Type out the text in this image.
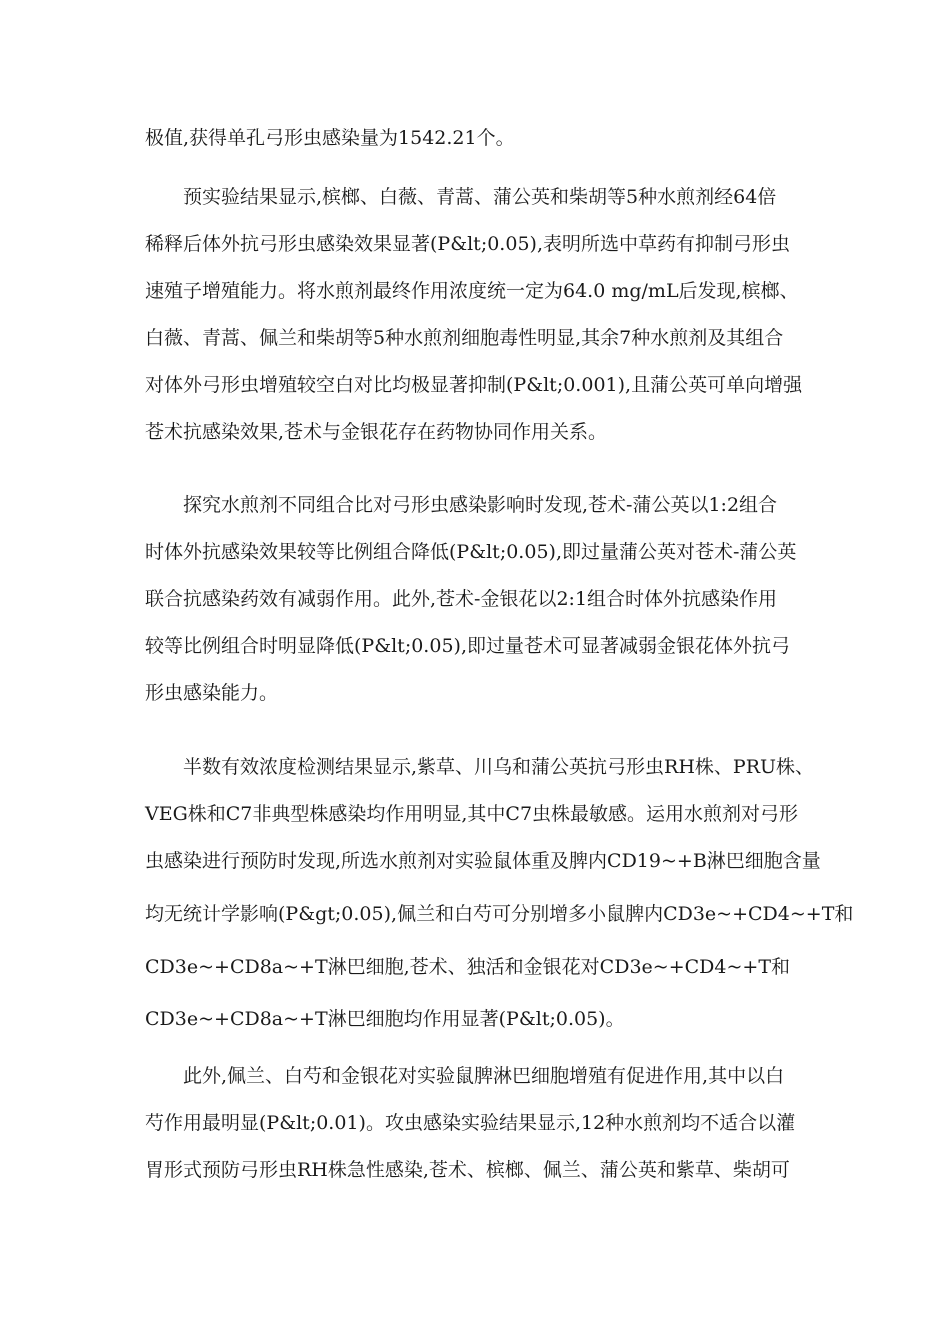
极值,获得单孔弓形虫感染量为1542.21个。
预实验结果显示,槟榔、白薇、青蒿、蒲公英和柴胡等5种水煎剂经64倍
稀释后体外抗弓形虫感染效果显著(P&lt;0.05),表明所选中草药有抑制弓形虫
速殖子增殖能力。将水煎剂最终作用浓度统一定为64.0 mg/mL后发现,槟榔、
白薇、青蒿、佩兰和柴胡等5种水煎剂细胞毒性明显,其余7种水煎剂及其组合
对体外弓形虫增殖较空白对比均极显著抑制(P&lt;0.001),且蒲公英可单向增强
苍术抗感染效果,苍术与金银花存在药物协同作用关系。
探究水煎剂不同组合比对弓形虫感染影响时发现,苍术-蒲公英以1:2组合
时体外抗感染效果较等比例组合降低(P&lt;0.05),即过量蒲公英对苍术-蒲公英
联合抗感染药效有减弱作用。此外,苍术-金银花以2:1组合时体外抗感染作用
较等比例组合时明显降低(P&lt;0.05),即过量苍术可显著减弱金银花体外抗弓
形虫感染能力。
半数有效浓度检测结果显示,紫草、川乌和蒲公英抗弓形虫RH株、PRU株、
VEG株和C7非典型株感染均作用明显,其中C7虫株最敏感。运用水煎剂对弓形
虫感染进行预防时发现,所选水煎剂对实验鼠体重及脾内CD19~+B淋巴细胞含量
均无统计学影响(P&gt;0.05),佩兰和白芍可分别增多小鼠脾内CD3e~+CD4~+T和
CD3e~+CD8a~+T淋巴细胞,苍术、独活和金银花对CD3e~+CD4~+T和
CD3e~+CD8a~+T淋巴细胞均作用显著(P&lt;0.05)。
此外,佩兰、白芍和金银花对实验鼠脾淋巴细胞增殖有促进作用,其中以白
芍作用最明显(P&lt;0.01)。攻虫感染实验结果显示,12种水煎剂均不适合以灌
胃形式预防弓形虫RH株急性感染,苍术、槟榔、佩兰、蒲公英和紫草、柴胡可
